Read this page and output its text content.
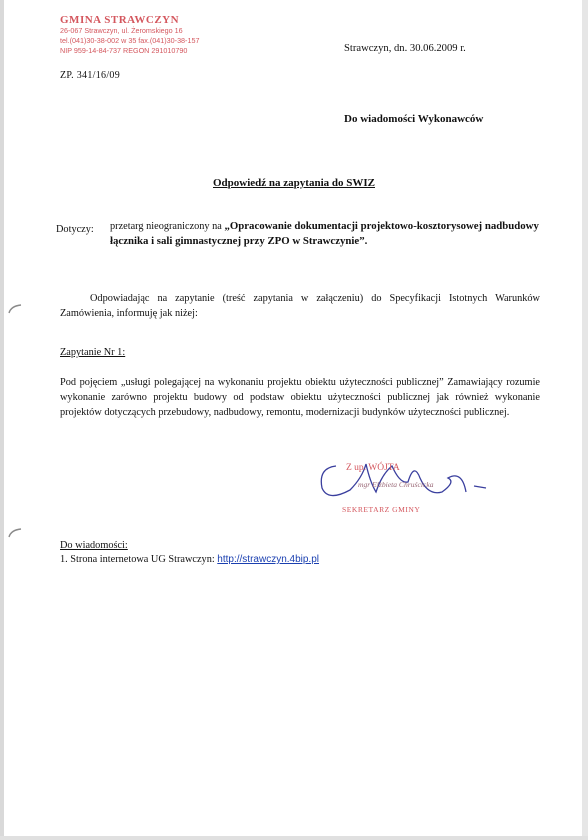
GMINA STRAWCZYN
26-067 Strawczyn, ul. Żeromskiego 16
tel.(041)30-38-002 w 35 fax.(041)30-38-157
NIP 959-14-84-737 REGON 291010790	Strawczyn, dn. 30.06.2009 r.
ZP. 341/16/09
Do wiadomości Wykonawców
Odpowiedź na zapytania do SWIZ
Dotyczy: przetarg nieograniczony na „Opracowanie dokumentacji projektowo-kosztorysowej nadbudowy łącznika i sali gimnastycznej przy ZPO w Strawczynie”.
Odpowiadając na zapytanie (treść zapytania w załączeniu) do Specyfikacji Istotnych Warunków Zamówienia, informuję jak niżej:
Zapytanie Nr 1:
Pod pojęciem „usługi polegającej na wykonaniu projektu obiektu użyteczności publicznej” Zamawiający rozumie wykonanie zarówno projektu budowy od podstaw obiektu użyteczności publicznej jak również wykonanie projektów dotyczących przebudowy, nadbudowy, remontu, modernizacji budynków użyteczności publicznej.
Z up. WÓJTA
mgr Elżbieta Chruścicka
SEKRETARZ GMINY
Do wiadomości:
1. Strona internetowa UG Strawczyn: http://strawczyn.4bip.pl
